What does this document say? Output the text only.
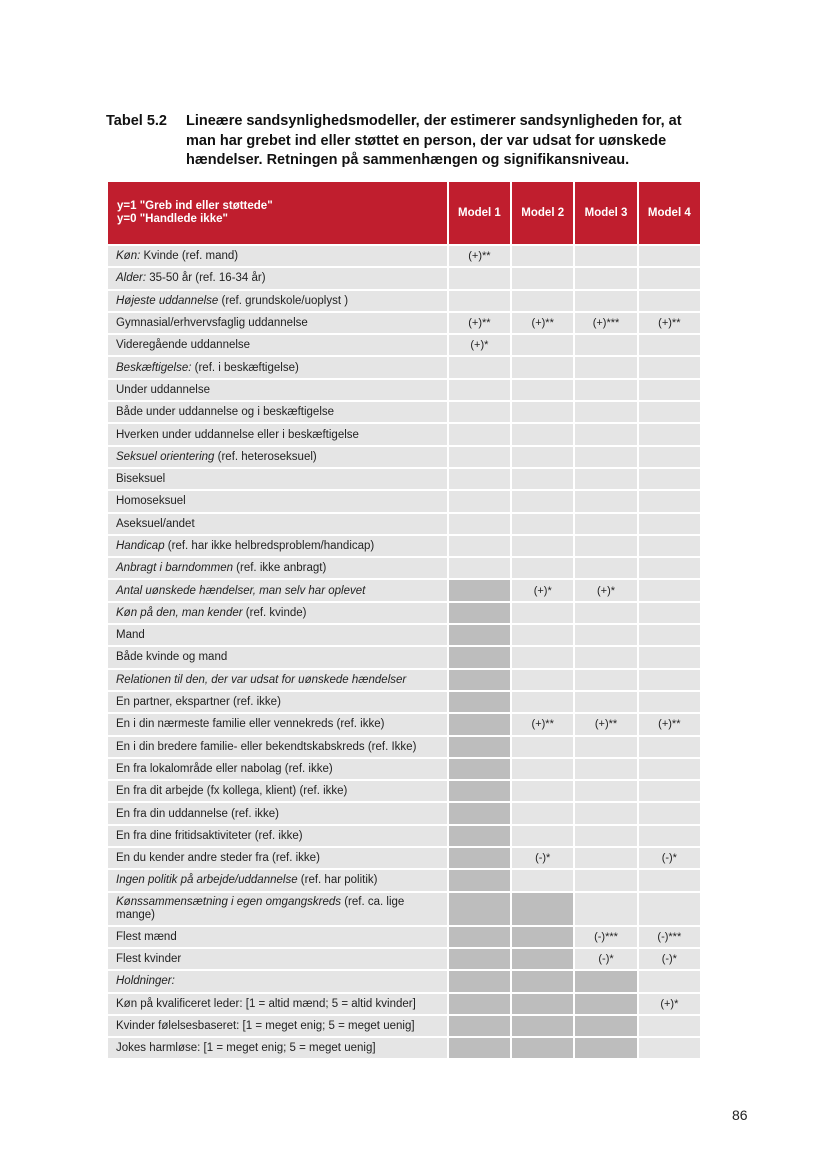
Tabel 5.2	Lineære sandsynlighedsmodeller, der estimerer sandsynligheden for, at man har grebet ind eller støttet en person, der var udsat for uønskede hændelser. Retningen på sammenhængen og signifikansniveau.
y=1 "Greb ind eller støttede"
y=0 "Handlede ikke"	Model 1	Model 2	Model 3	Model 4
Køn: Kvinde (ref. mand)	(+)**			
Alder: 35-50 år (ref. 16-34 år)				
Højeste uddannelse (ref. grundskole/uoplyst )				
Gymnasial/erhvervsfaglig uddannelse	(+)**	(+)**	(+)***	(+)**
Videregående uddannelse	(+)*			
Beskæftigelse: (ref. i beskæftigelse)				
Under uddannelse				
Både under uddannelse og i beskæftigelse				
Hverken under uddannelse eller i beskæftigelse				
Seksuel orientering (ref. heteroseksuel)				
Biseksuel				
Homoseksuel				
Aseksuel/andet				
Handicap (ref. har ikke helbredsproblem/handicap)				
Anbragt i barndommen (ref. ikke anbragt)				
Antal uønskede hændelser, man selv har oplevet		(+)*	(+)*	
Køn på den, man kender (ref. kvinde)				
Mand				
Både kvinde og mand				
Relationen til den, der var udsat for uønskede hændelser				
En partner, ekspartner (ref. ikke)				
En i din nærmeste familie eller vennekreds (ref. ikke)		(+)**	(+)**	(+)**
En i din bredere familie- eller bekendtskabskreds (ref. Ikke)				
En fra lokalområde eller nabolag (ref. ikke)				
En fra dit arbejde (fx kollega, klient) (ref. ikke)				
En fra din uddannelse (ref. ikke)				
En fra dine fritidsaktiviteter (ref. ikke)				
En du kender andre steder fra (ref. ikke)		(-)*		(-)*
Ingen politik på arbejde/uddannelse (ref. har politik)				
Kønssammensætning i egen omgangskreds (ref. ca. lige mange)				
Flest mænd			(-)***	(-)***
Flest kvinder			(-)*	(-)*
Holdninger:				
Køn på kvalificeret leder: [1 = altid mænd; 5 = altid kvinder]				(+)*
Kvinder følelsesbaseret: [1 = meget enig; 5 = meget uenig]				
Jokes harmløse: [1 = meget enig; 5 = meget uenig]				
86
